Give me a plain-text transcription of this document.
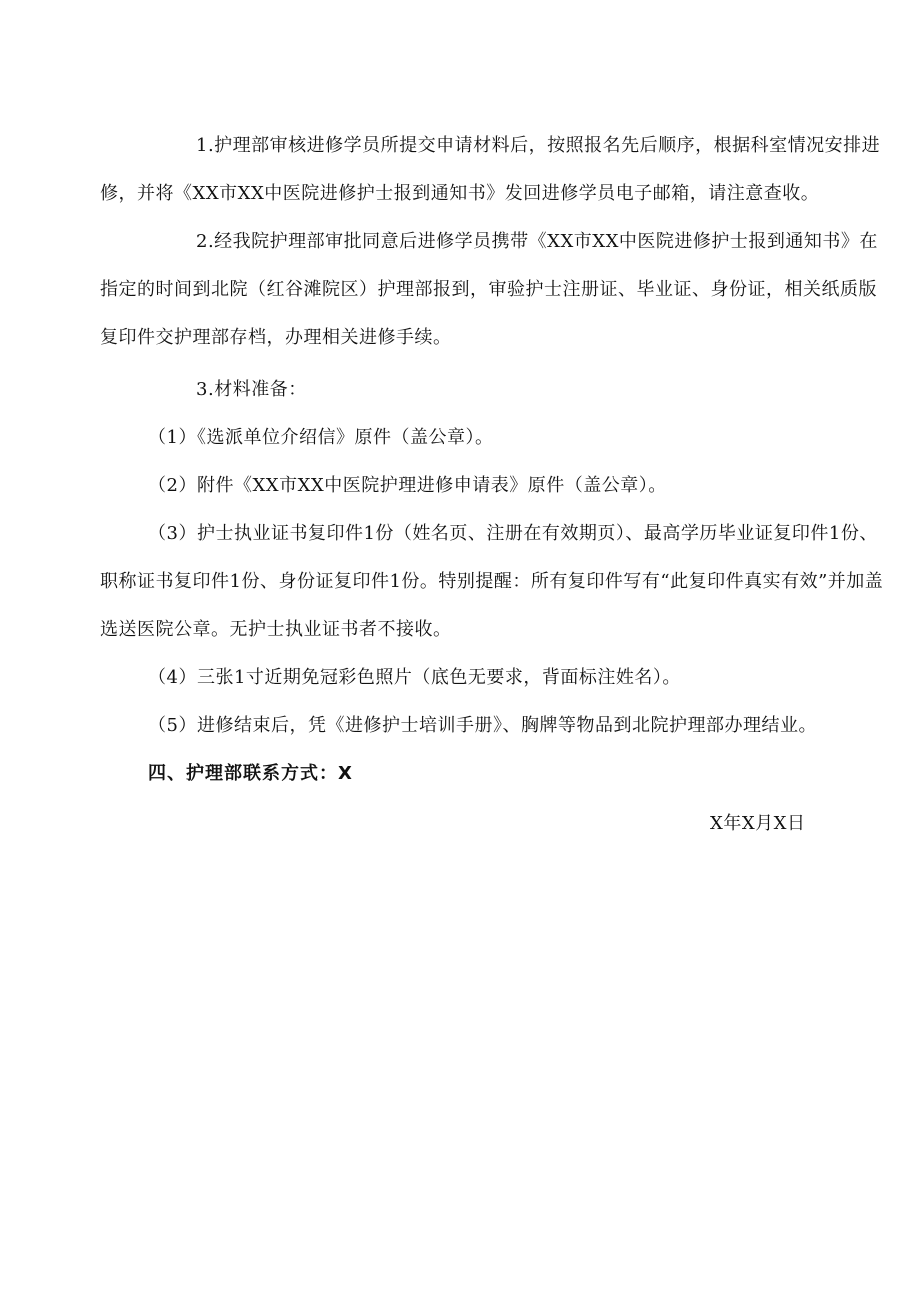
1.护理部审核进修学员所提交申请材料后，按照报名先后顺序，根据科室情况安排进修，并将《XX市XX中医院进修护士报到通知书》发回进修学员电子邮箱，请注意查收。

2.经我院护理部审批同意后进修学员携带《XX市XX中医院进修护士报到通知书》在指定的时间到北院（红谷滩院区）护理部报到，审验护士注册证、毕业证、身份证，相关纸质版复印件交护理部存档，办理相关进修手续。

3.材料准备：

（1）《选派单位介绍信》原件（盖公章）。

（2）附件《XX市XX中医院护理进修申请表》原件（盖公章）。

（3）护士执业证书复印件1份（姓名页、注册在有效期页）、最高学历毕业证复印件1份、职称证书复印件1份、身份证复印件1份。特别提醒：所有复印件写有“此复印件真实有效”并加盖选送医院公章。无护士执业证书者不接收。

（4）三张1寸近期免冠彩色照片（底色无要求，背面标注姓名）。

（5）进修结束后，凭《进修护士培训手册》、胸牌等物品到北院护理部办理结业。

四、护理部联系方式：X

X年X月X日
